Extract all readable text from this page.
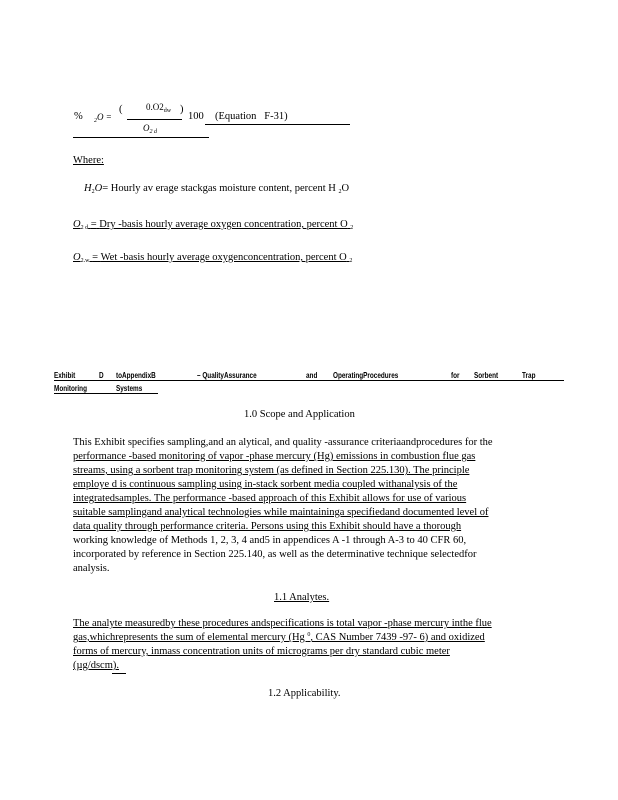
% $_2$O =
(	$0.O2_{dw}$ )
$O_{2 d}$
100 (Equation F-31)
Where:
$H_2O=$ Hourly av erage stackgas moisture content, percent H $_2$O
$O_{2 d}$ = Dry -basis hourly average oxygen concentration, percent O $_2$
$O_{2 w}$ = Wet -basis hourly average oxygenconcentration, percent O $_2$
Exhibit	D toAppendixB	– QualityAssurance	and OperatingProcedures	for Sorbent	Trap
Monitoring	Systems
1.0 Scope and Application
This Exhibit specifies sampling,and an alytical, and quality -assurance criteriaandprocedures for the
performance -based monitoring of vapor -phase mercury (Hg) emissions in combustion flue gas
streams, using a sorbent trap monitoring system (as defined in Section 225.130). The principle
employe d is continuous sampling using in-stack sorbent media coupled withanalysis of the
integratedsamples. The performance -based approach of this Exhibit allows for use of various
suitable samplingand analytical technologies while maintaininga specifiedand documented level of
data quality through performance criteria. Persons using this Exhibit should have a thorough
working knowledge of Methods 1, 2, 3, 4 and5 in appendices A -1 through A-3 to 40 CFR 60,
incorporated by reference in Section 225.140, as well as the determinative technique selectedfor
analysis.
1.1 Analytes.
The analyte measuredby these procedures andspecifications is total vapor -phase mercury inthe flue
gas,whichrepresents the sum of elemental mercury (Hg $^0$, CAS Number 7439 -97- 6) and oxidized
forms of mercury, inmass concentration units of micrograms per dry standard cubic meter
(µg/dscm).
1.2 Applicability.
